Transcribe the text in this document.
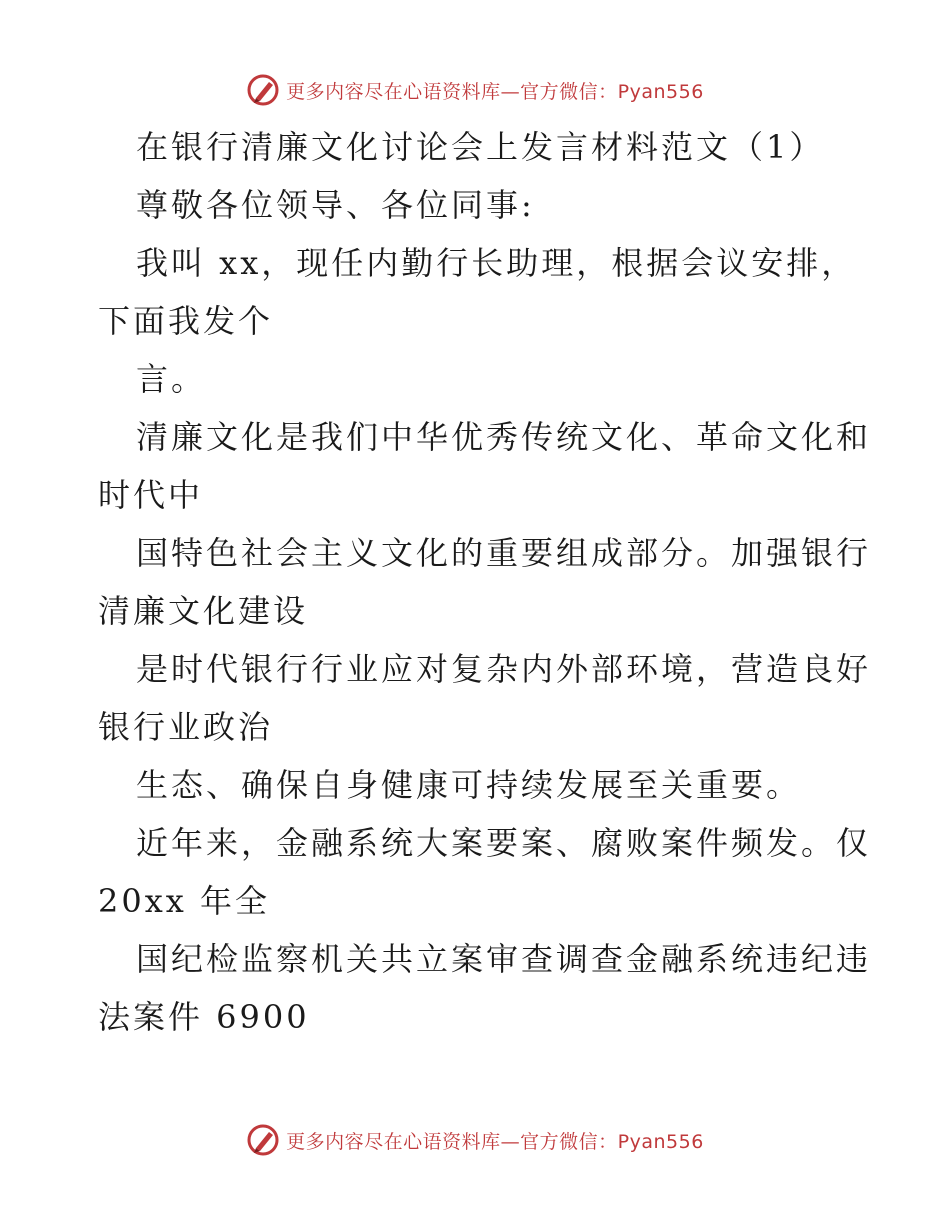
更多内容尽在心语资料库—官方微信：Pyan556
在银行清廉文化讨论会上发言材料范文（1）
尊敬各位领导、各位同事:
我叫 xx，现任内勤行长助理，根据会议安排，
下面我发个
言。
清廉文化是我们中华优秀传统文化、革命文化和
时代中
国特色社会主义文化的重要组成部分。加强银行
清廉文化建设
是时代银行行业应对复杂内外部环境，营造良好
银行业政治
生态、确保自身健康可持续发展至关重要。
近年来，金融系统大案要案、腐败案件频发。仅
20xx 年全
国纪检监察机关共立案审查调查金融系统违纪违
法案件 6900
更多内容尽在心语资料库—官方微信：Pyan556
